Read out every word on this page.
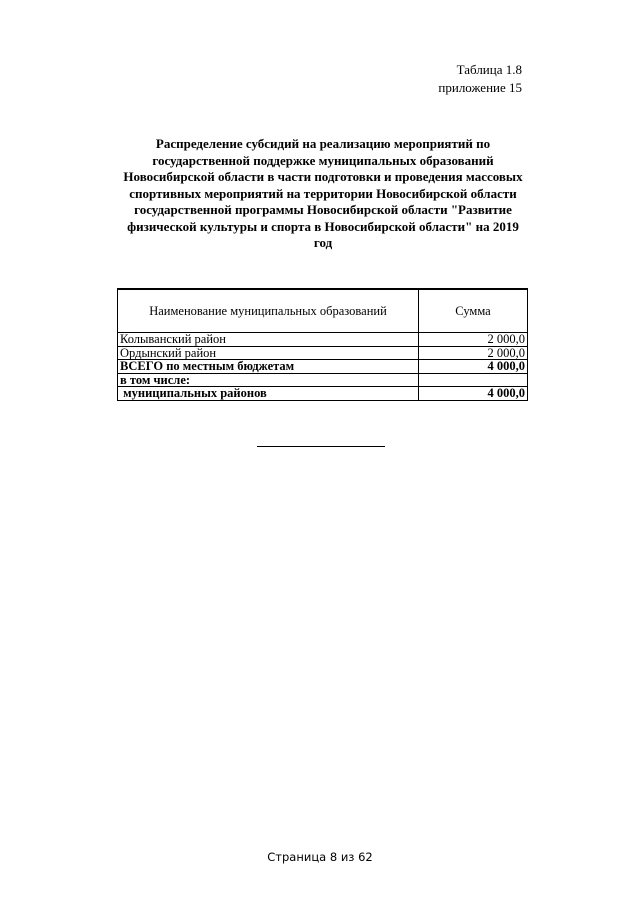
Таблица 1.8
приложение 15
Распределение субсидий на реализацию мероприятий по государственной поддержке муниципальных образований Новосибирской области в части подготовки и проведения массовых спортивных мероприятий на территории Новосибирской области государственной программы Новосибирской области "Развитие физической культуры и спорта в Новосибирской области" на 2019 год
Наименование муниципальных образований	Сумма
Колыванский район	2 000,0
Ордынский район	2 000,0
ВСЕГО по местным бюджетам	4 000,0
в том числе:	
муниципальных районов	4 000,0
Страница 8 из 62
